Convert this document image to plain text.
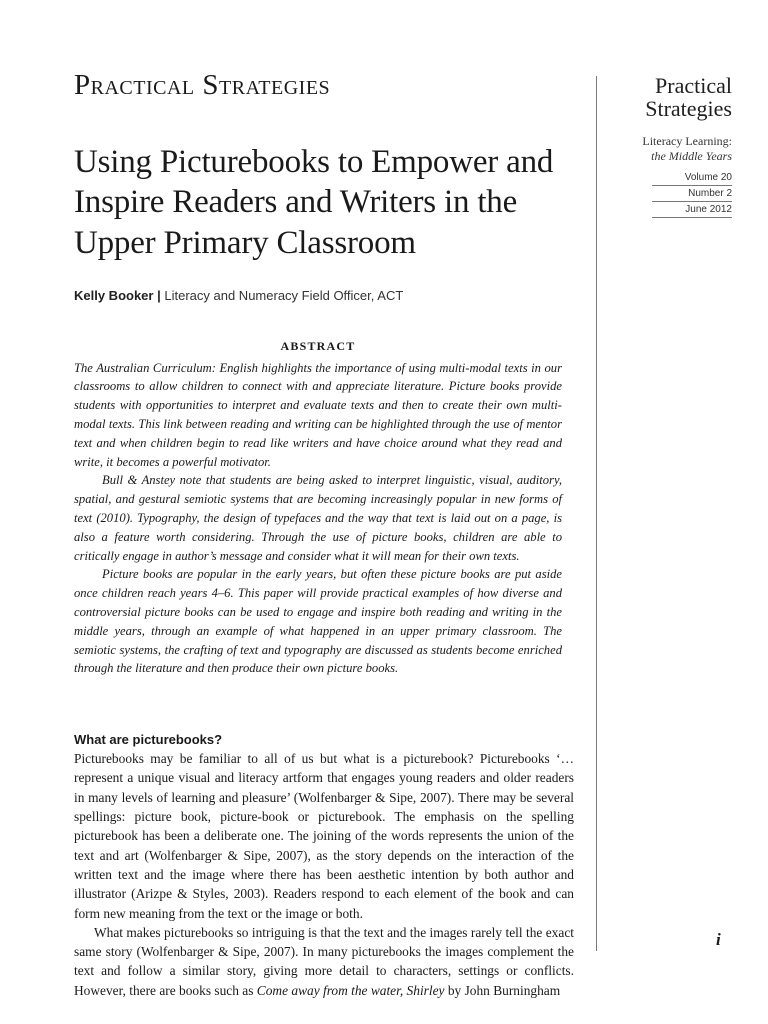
Practical Strategies
Using Picturebooks to Empower and Inspire Readers and Writers in the Upper Primary Classroom
Kelly Booker | Literacy and Numeracy Field Officer, ACT
ABSTRACT

The Australian Curriculum: English highlights the importance of using multi-modal texts in our classrooms to allow children to connect with and appreciate literature. Picture books provide students with opportunities to interpret and evaluate texts and then to create their own multi-modal texts. This link between reading and writing can be highlighted through the use of mentor text and when children begin to read like writers and have choice around what they read and write, it becomes a powerful motivator.

Bull & Anstey note that students are being asked to interpret linguistic, visual, auditory, spatial, and gestural semiotic systems that are becoming increasingly popular in new forms of text (2010). Typography, the design of typefaces and the way that text is laid out on a page, is also a feature worth considering. Through the use of picture books, children are able to critically engage in author’s message and consider what it will mean for their own texts.

Picture books are popular in the early years, but often these picture books are put aside once children reach years 4–6. This paper will provide practical examples of how diverse and controversial picture books can be used to engage and inspire both reading and writing in the middle years, through an example of what happened in an upper primary classroom. The semiotic systems, the crafting of text and typography are discussed as students become enriched through the literature and then produce their own picture books.

What are picturebooks?

Picturebooks may be familiar to all of us but what is a picturebook? Picturebooks ‘…represent a unique visual and literacy artform that engages young readers and older readers in many levels of learning and pleasure’ (Wolfenbarger & Sipe, 2007). There may be several spellings: picture book, picture-book or picturebook. The emphasis on the spelling picturebook has been a deliberate one. The joining of the words represents the union of the text and art (Wolfenbarger & Sipe, 2007), as the story depends on the interaction of the written text and the image where there has been aesthetic intention by both author and illustrator (Arizpe & Styles, 2003). Readers respond to each element of the book and can form new meaning from the text or the image or both.

What makes picturebooks so intriguing is that the text and the images rarely tell the exact same story (Wolfenbarger & Sipe, 2007). In many picturebooks the images complement the text and follow a similar story, giving more detail to characters, settings or conflicts. However, there are books such as Come away from the water, Shirley by John Burningham

Practical
Strategies
Literacy Learning:
the Middle Years
Volume 20
Number 2
June 2012
i
